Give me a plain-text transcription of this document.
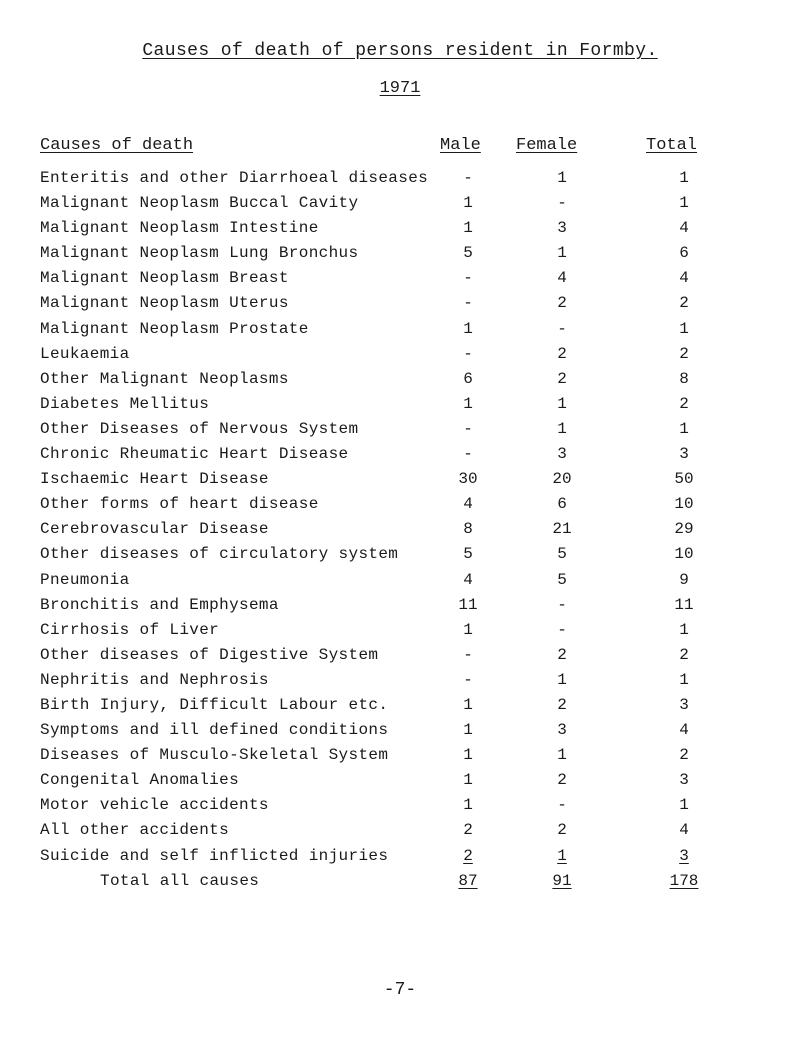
Causes of death of persons resident in Formby.
1971
Causes of death	Male Female	Total
Enteritis and other Diarrhoeal diseases	-	1	1
Malignant Neoplasm Buccal Cavity	1	-	1
Malignant Neoplasm Intestine	1	3	4
Malignant Neoplasm Lung Bronchus	5	1	6
Malignant Neoplasm Breast	-	4	4
Malignant Neoplasm Uterus	-	2	2
Malignant Neoplasm Prostate	1	-	1
Leukaemia	-	2	2
Other Malignant Neoplasms	6	2	8
Diabetes Mellitus	1	1	2
Other Diseases of Nervous System	-	1	1
Chronic Rheumatic Heart Disease	-	3	3
Ischaemic Heart Disease	30	20	50
Other forms of heart disease	4	6	10
Cerebrovascular Disease	8	21	29
Other diseases of circulatory system	5	5	10
Pneumonia	4	5	9
Bronchitis and Emphysema	11	-	11
Cirrhosis of Liver	1	-	1
Other diseases of Digestive System	-	2	2
Nephritis and Nephrosis	-	1	1
Birth Injury, Difficult Labour etc.	1	2	3
Symptoms and ill defined conditions	1	3	4
Diseases of Musculo-Skeletal System	1	1	2
Congenital Anomalies	1	2	3
Motor vehicle accidents	1	-	1
All other accidents	2	2	4
Suicide and self inflicted injuries	2	1	3
Total all causes	87	91	178
-7-
